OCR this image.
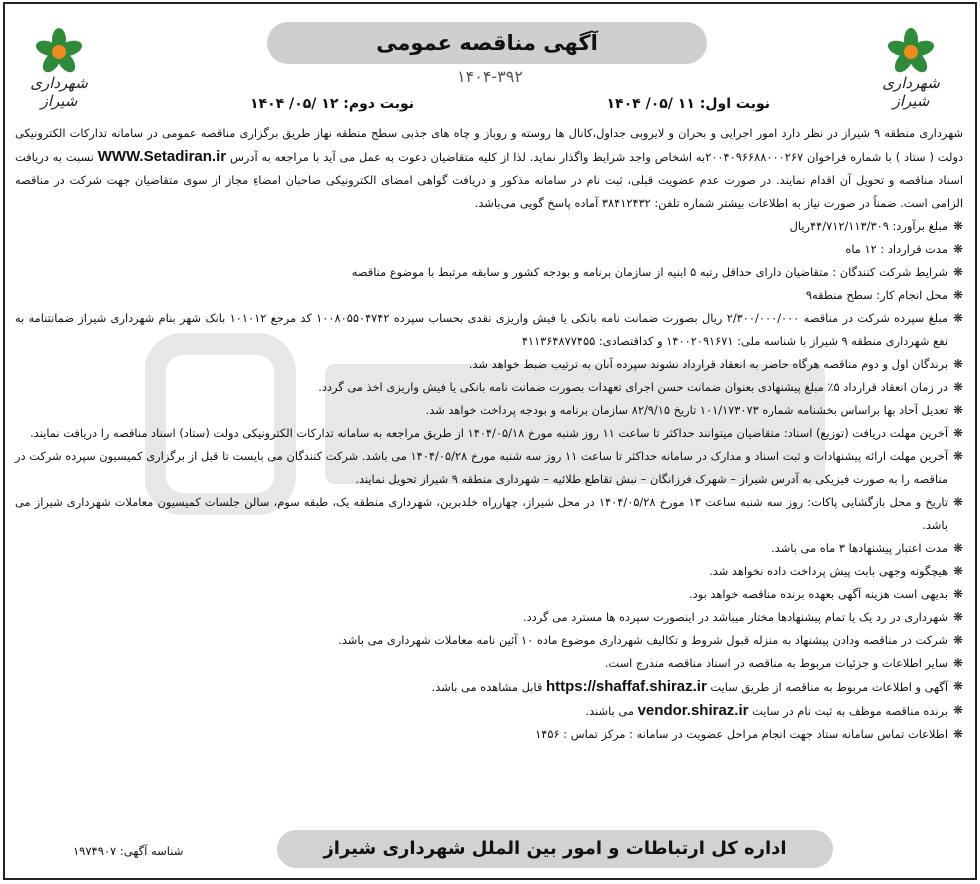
شهرداری شیراز
شهرداری شیراز
آگهی مناقصه عمومی
۱۴۰۴-۳۹۲
نوبت اول: ۱۱ /۰۵/ ۱۴۰۴
نوبت دوم: ۱۲ /۰۵/ ۱۴۰۴

شهرداری منطقه ۹ شیراز در نظر دارد امور اجرایی و بحران و لایروبی جداول،کانال ها روسته و روباز و چاه های جذبی سطح منطقه نهاز طریق برگزاری مناقصه عمومی در سامانه تدارکات الکترونیکی دولت ( ستاد ) با شماره فراخوان ۲۰۰۴۰۹۶۶۸۸۰۰۰۲۶۷به اشخاص واجد شرایط واگذار نماید. لذا از کلیه متقاضیان دعوت به عمل می آید با مراجعه به آدرس WWW.Setadiran.ir نسبت به دریافت اسناد مناقصه و تحویل آن اقدام نمایند. در صورت عدم عضویت قبلی، ثبت نام در سامانه مذکور و دریافت گواهی امضای الکترونیکی صاحبان امضاءِ مجاز از سوی متقاضیان جهت شرکت در مناقصه الزامی است. ضمناً در صورت نیاز به اطلاعات بیشتر شماره تلفن: ۳۸۴۱۲۴۳۲ آماده پاسخ گویی می‌باشد.

❋
مبلغ برآورد: ۴۴/۷۱۲/۱۱۳/۳۰۹ریال
❋
مدت قرارداد : ۱۲ ماه
❋
شرایط شرکت کنندگان : متقاضیان دارای حداقل رتبه ۵ ابنیه از سازمان برنامه و بودجه کشور و سابقه مرتبط با موضوع مناقصه
❋
محل انجام کار: سطح منطقه۹
❋
مبلغ سپرده شرکت در مناقصه ۲/۳۰۰/۰۰۰/۰۰۰ ریال بصورت ضمانت نامه بانکی یا فیش واریزی نقدی بحساب سپرده ۱۰۰۸۰۵۵۰۴۷۴۲ کد مرجع ۱۰۱۰۱۲ بانک شهر بنام شهرداری شیراز ضمانتنامه به نفع شهرداری منطقه ۹ شیراز با شناسه ملی: ۱۴۰۰۲۰۹۱۶۷۱ و کداقتصادی: ۴۱۱۳۶۴۸۷۷۴۵۵
❋
برندگان اول و دوم مناقصه هرگاه حاضر به انعقاد قرارداد نشوند سپرده آنان به ترتیب ضبط خواهد شد.
❋
در زمان انعقاد قرارداد ۵٪ مبلغ پیشنهادی بعنوان ضمانت حسن اجرای تعهدات بصورت ضمانت نامه بانکی یا فیش واریزی اخذ می گردد.
❋
تعدیل آحاد بها براساس بخشنامه شماره ۱۰۱/۱۷۳۰۷۳ تاریخ ۸۲/۹/۱۵ سازمان برنامه و بودجه پرداخت خواهد شد.
❋
آخرین مهلت دریافت (توزیع) اسناد: متقاضیان میتوانند حداکثر تا ساعت ۱۱ روز شنبه مورخ ۱۴۰۴/۰۵/۱۸ از طریق مراجعه به سامانه تدارکات الکترونیکی دولت (ستاد) اسناد مناقصه را دریافت نمایند.
❋
آخرین مهلت ارائه پیشنهادات و ثبت اسناد و مدارک در سامانه حداکثر تا ساعت ۱۱ روز سه شنبه مورخ ۱۴۰۴/۰۵/۲۸ می باشد. شرکت کنندگان می بایست تا قبل از برگزاری کمیسیون سپرده شرکت در مناقصه را به صورت فیزیکی به آدرس شیراز – شهرک فرزانگان – نبش تقاطع طلائیه – شهرداری منطقه ۹ شیراز تحویل نمایند.
❋
تاریخ و محل بازگشایی پاکات: روز سه شنبه ساعت ۱۳ مورخ ۱۴۰۴/۰۵/۲۸ در محل شیراز، چهارراه خلدبرین، شهرداری منطقه یک، طبقه سوم، سالن جلسات کمیسیون معاملات شهرداری شیراز می باشد.
❋
مدت اعتبار پیشنهادها ۳ ماه می باشد.
❋
هیچگونه وجهی بابت پیش پرداخت داده نخواهد شد.
❋
بدیهی است هزینه آگهی بعهده برنده مناقصه خواهد بود.
❋
شهرداری در رد یک یا تمام پیشنهادها مختار میباشد در اینصورت سپرده ها مسترد می گردد.
❋
شرکت در مناقصه ودادن پیشنهاد به منزله قبول شروط و تکالیف شهرداری موضوع ماده ۱۰ آئین نامه معاملات شهرداری می باشد.
❋
سایر اطلاعات و جزئیات مربوط به مناقصه در اسناد مناقصه مندرج است.
❋
آگهی و اطلاعات مربوط به مناقصه از طریق سایت https://shaffaf.shiraz.ir قابل مشاهده می باشد.
❋
برنده مناقصه موظف به ثبت نام در سایت vendor.shiraz.ir می باشند.
❋
اطلاعات تماس سامانه ستاد جهت انجام مراحل عضویت در سامانه : مرکز تماس : ۱۴۵۶
اداره کل ارتباطات و امور بین الملل شهرداری شیراز
شناسه آگهی: ۱۹۷۴۹۰۷
